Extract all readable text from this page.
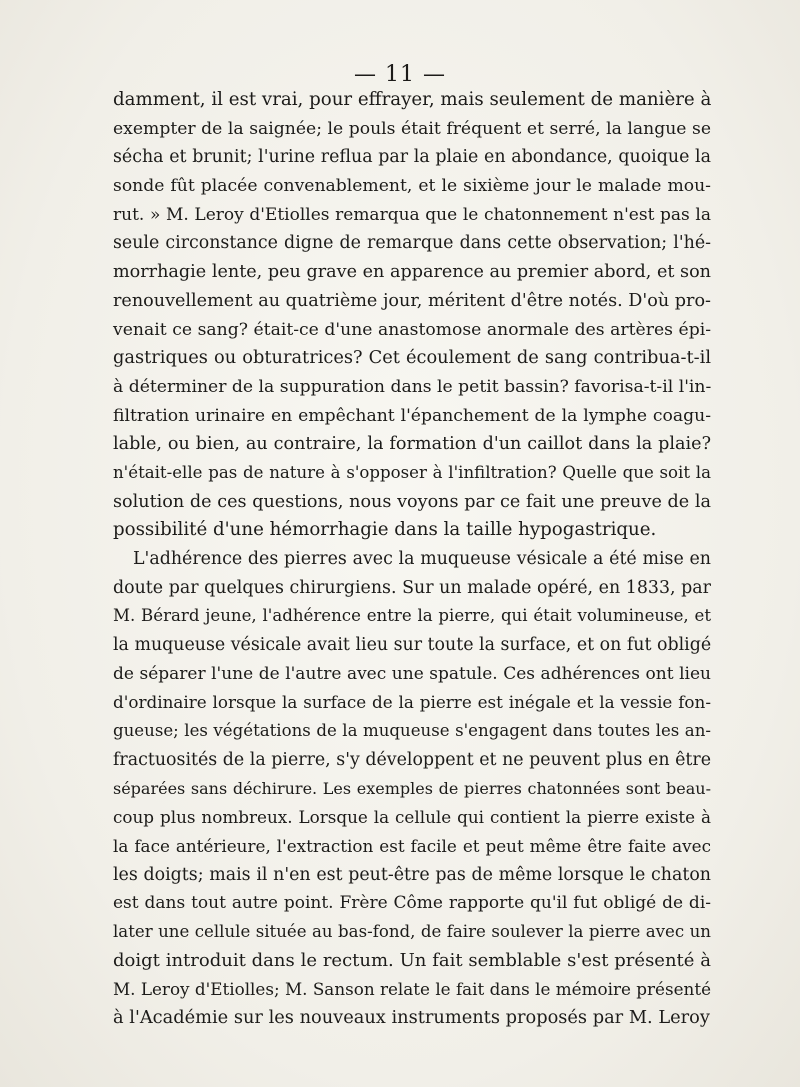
— 11 —
damment, il est vrai, pour effrayer, mais seulement de manière à
exempter de la saignée; le pouls était fréquent et serré, la langue se
sécha et brunit; l'urine reflua par la plaie en abondance, quoique la
sonde fût placée convenablement, et le sixième jour le malade mou-
rut. » M. Leroy d'Etiolles remarqua que le chatonnement n'est pas la
seule circonstance digne de remarque dans cette observation; l'hé-
morrhagie lente, peu grave en apparence au premier abord, et son
renouvellement au quatrième jour, méritent d'être notés. D'où pro-
venait ce sang? était-ce d'une anastomose anormale des artères épi-
gastriques ou obturatrices? Cet écoulement de sang contribua-t-il
à déterminer de la suppuration dans le petit bassin? favorisa-t-il l'in-
filtration urinaire en empêchant l'épanchement de la lymphe coagu-
lable, ou bien, au contraire, la formation d'un caillot dans la plaie?
n'était-elle pas de nature à s'opposer à l'infiltration? Quelle que soit la
solution de ces questions, nous voyons par ce fait une preuve de la
possibilité d'une hémorrhagie dans la taille hypogastrique.
L'adhérence des pierres avec la muqueuse vésicale a été mise en
doute par quelques chirurgiens. Sur un malade opéré, en 1833, par
M. Bérard jeune, l'adhérence entre la pierre, qui était volumineuse, et
la muqueuse vésicale avait lieu sur toute la surface, et on fut obligé
de séparer l'une de l'autre avec une spatule. Ces adhérences ont lieu
d'ordinaire lorsque la surface de la pierre est inégale et la vessie fon-
gueuse; les végétations de la muqueuse s'engagent dans toutes les an-
fractuosités de la pierre, s'y développent et ne peuvent plus en être
séparées sans déchirure. Les exemples de pierres chatonnées sont beau-
coup plus nombreux. Lorsque la cellule qui contient la pierre existe à
la face antérieure, l'extraction est facile et peut même être faite avec
les doigts; mais il n'en est peut-être pas de même lorsque le chaton
est dans tout autre point. Frère Côme rapporte qu'il fut obligé de di-
later une cellule située au bas-fond, de faire soulever la pierre avec un
doigt introduit dans le rectum. Un fait semblable s'est présenté à
M. Leroy d'Etiolles; M. Sanson relate le fait dans le mémoire présenté
à l'Académie sur les nouveaux instruments proposés par M. Leroy
